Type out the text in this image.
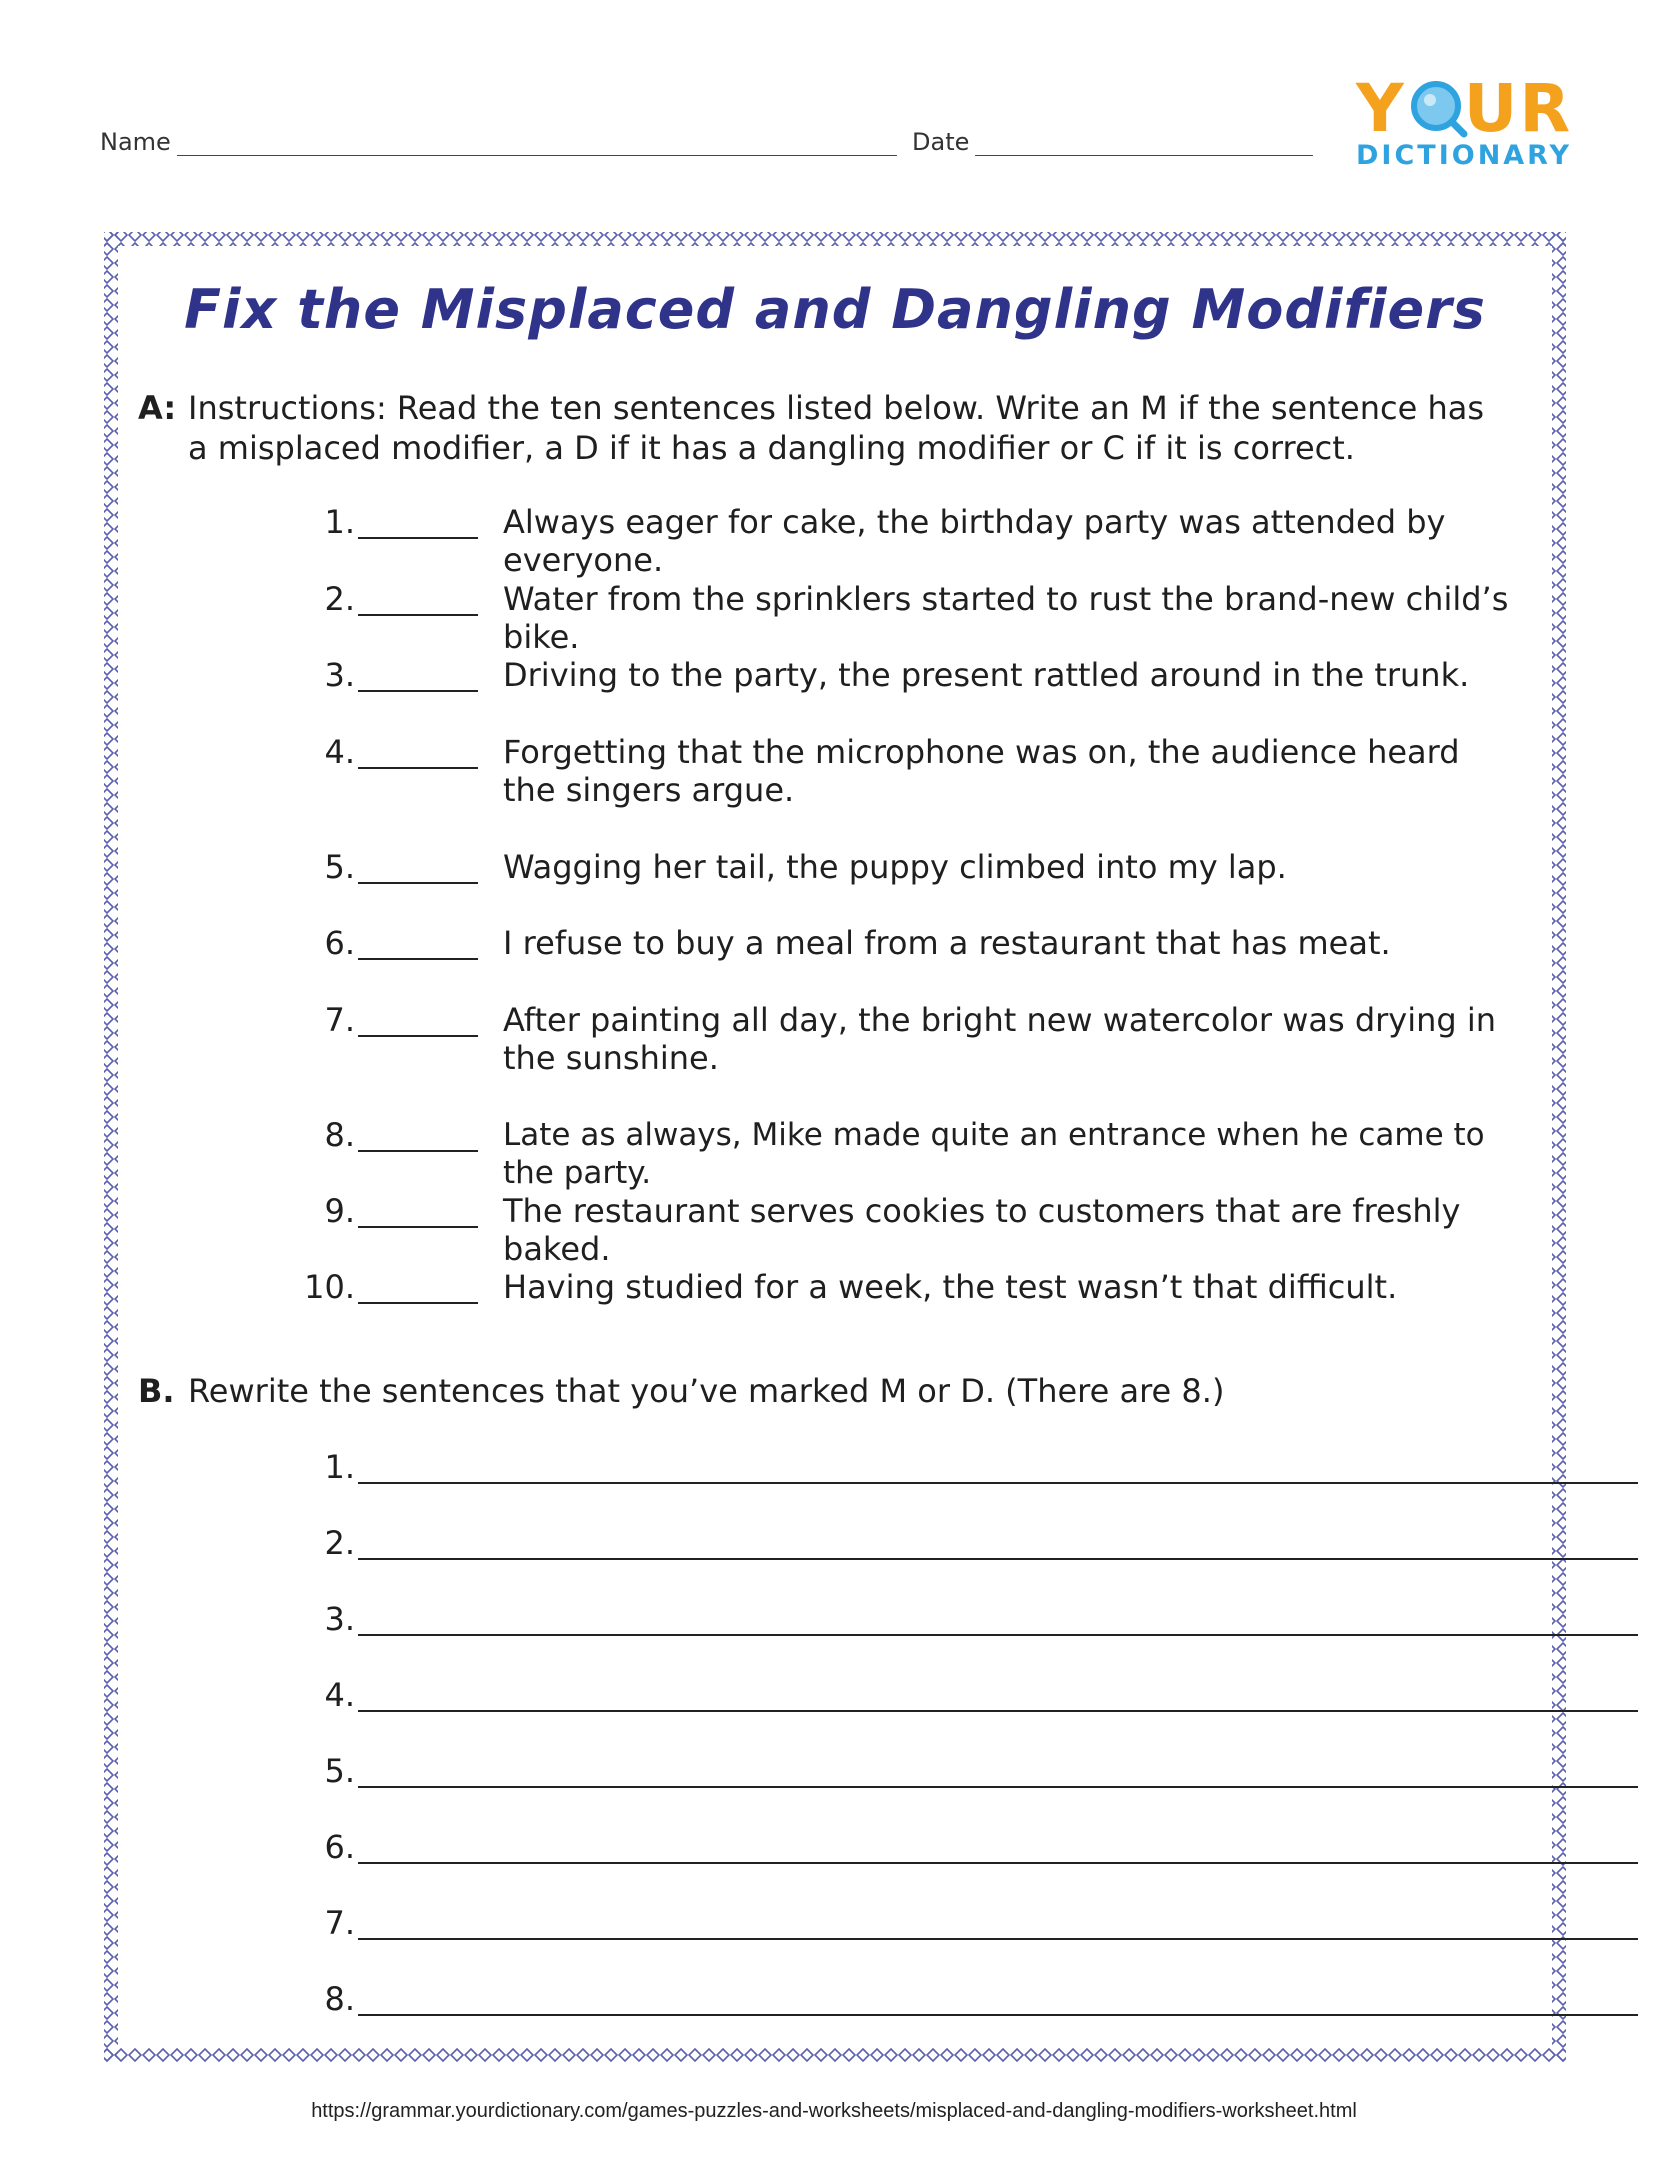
Name	Date	Y UR
DICTIONARY
Fix the Misplaced and Dangling Modifiers
A: Instructions: Read the ten sentences listed below. Write an M if the sentence has a misplaced modifier, a D if it has a dangling modifier or C if it is correct.
1.	Always eager for cake, the birthday party was attended by everyone.
2.	Water from the sprinklers started to rust the brand-new child’s bike.
3.	Driving to the party, the present rattled around in the trunk.
4.	Forgetting that the microphone was on, the audience heard the singers argue.
5.	Wagging her tail, the puppy climbed into my lap.
6.	I refuse to buy a meal from a restaurant that has meat.
7.	After painting all day, the bright new watercolor was drying in the sunshine.
8.	Late as always, Mike made quite an entrance when he came to the party.
9.	The restaurant serves cookies to customers that are freshly baked.
10.	Having studied for a week, the test wasn’t that difficult.
B. Rewrite the sentences that you’ve marked M or D. (There are 8.)
1.
2.
3.
4.
5.
6.
7.
8.
https://grammar.yourdictionary.com/games-puzzles-and-worksheets/misplaced-and-dangling-modifiers-worksheet.html
